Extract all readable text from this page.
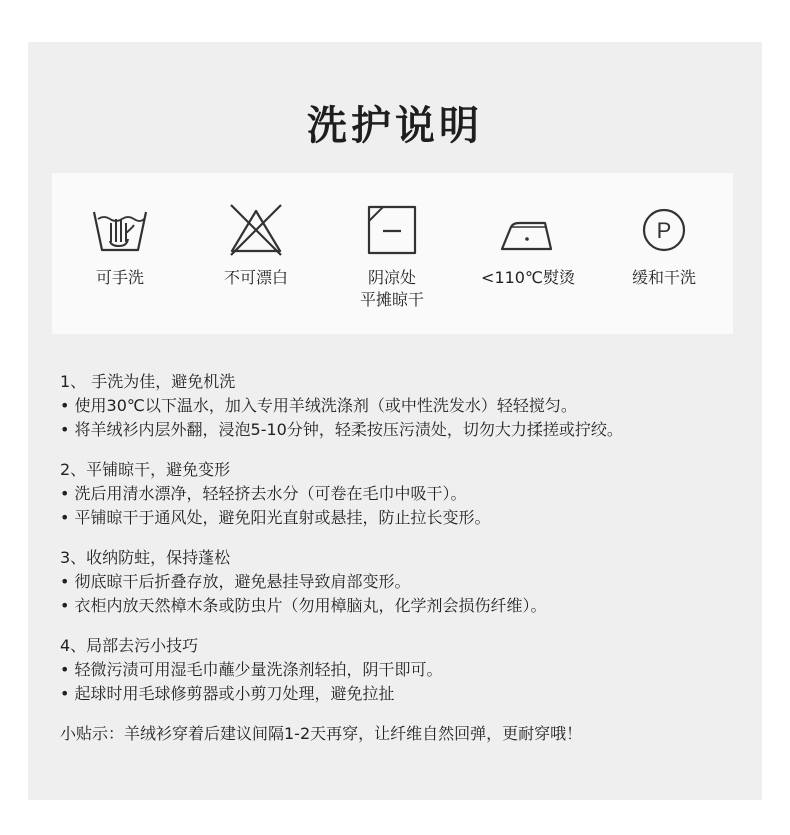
洗护说明
可手洗	不可漂白	阴凉处
平摊晾干
<110℃熨烫
P
缓和干洗
1、 手洗为佳，避免机洗
• 使用30℃以下温水，加入专用羊绒洗涤剂（或中性洗发水）轻轻搅匀。
• 将羊绒衫内层外翻，浸泡5-10分钟，轻柔按压污渍处，切勿大力揉搓或拧绞。
2、平铺晾干，避免变形
• 洗后用清水漂净，轻轻挤去水分（可卷在毛巾中吸干）。
• 平铺晾干于通风处，避免阳光直射或悬挂，防止拉长变形。
3、收纳防蛀，保持蓬松
• 彻底晾干后折叠存放，避免悬挂导致肩部变形。
• 衣柜内放天然樟木条或防虫片（勿用樟脑丸，化学剂会损伤纤维）。
4、局部去污小技巧
• 轻微污渍可用湿毛巾蘸少量洗涤剂轻拍，阴干即可。
• 起球时用毛球修剪器或小剪刀处理，避免拉扯
小贴示：羊绒衫穿着后建议间隔1-2天再穿，让纤维自然回弹，更耐穿哦！
